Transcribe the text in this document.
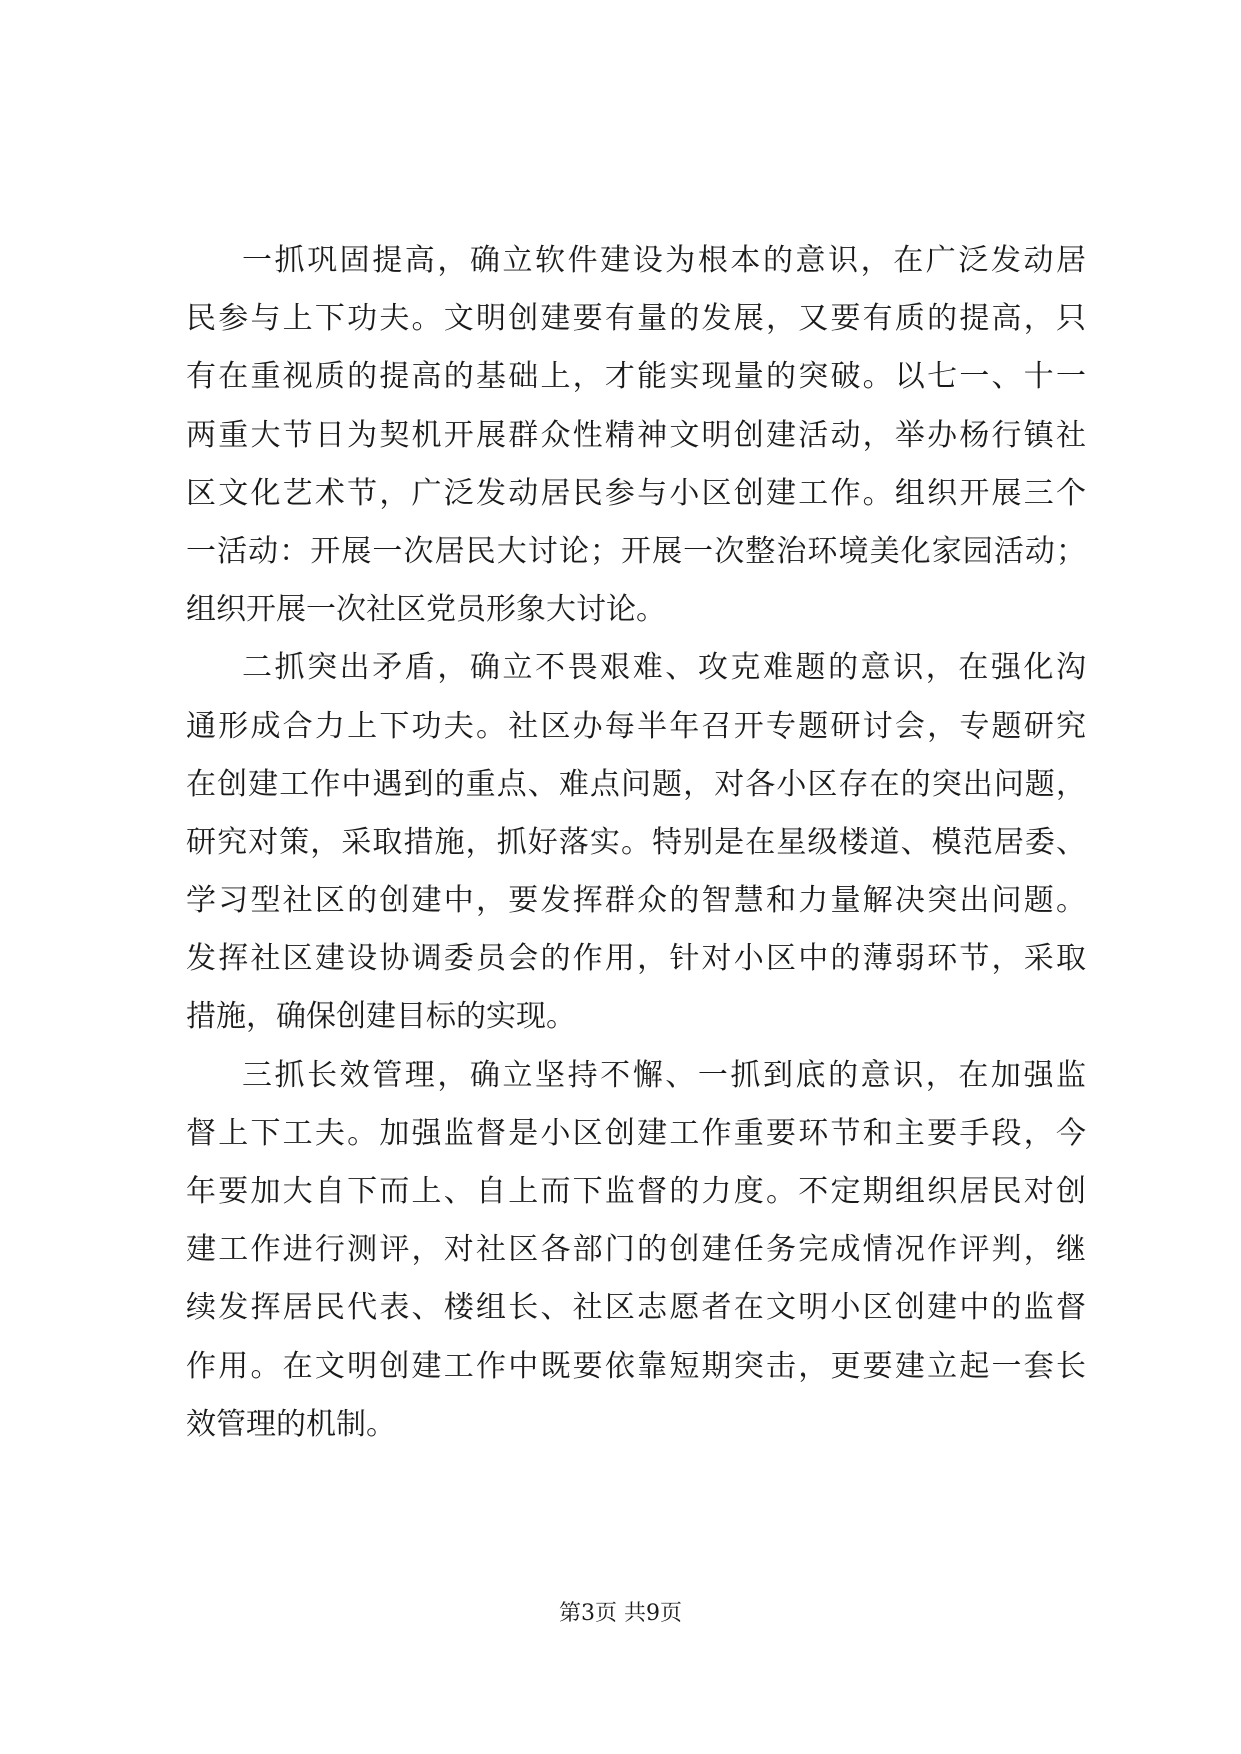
一抓巩固提高，确立软件建设为根本的意识，在广泛发动居
民参与上下功夫。文明创建要有量的发展，又要有质的提高，只
有在重视质的提高的基础上，才能实现量的突破。以七一、十一
两重大节日为契机开展群众性精神文明创建活动，举办杨行镇社
区文化艺术节，广泛发动居民参与小区创建工作。组织开展三个
一活动：开展一次居民大讨论；开展一次整治环境美化家园活动；
组织开展一次社区党员形象大讨论。
二抓突出矛盾，确立不畏艰难、攻克难题的意识，在强化沟
通形成合力上下功夫。社区办每半年召开专题研讨会，专题研究
在创建工作中遇到的重点、难点问题，对各小区存在的突出问题，
研究对策，采取措施，抓好落实。特别是在星级楼道、模范居委、
学习型社区的创建中，要发挥群众的智慧和力量解决突出问题。
发挥社区建设协调委员会的作用，针对小区中的薄弱环节，采取
措施，确保创建目标的实现。
三抓长效管理，确立坚持不懈、一抓到底的意识，在加强监
督上下工夫。加强监督是小区创建工作重要环节和主要手段，今
年要加大自下而上、自上而下监督的力度。不定期组织居民对创
建工作进行测评，对社区各部门的创建任务完成情况作评判，继
续发挥居民代表、楼组长、社区志愿者在文明小区创建中的监督
作用。在文明创建工作中既要依靠短期突击，更要建立起一套长
效管理的机制。
第3页 共9页
